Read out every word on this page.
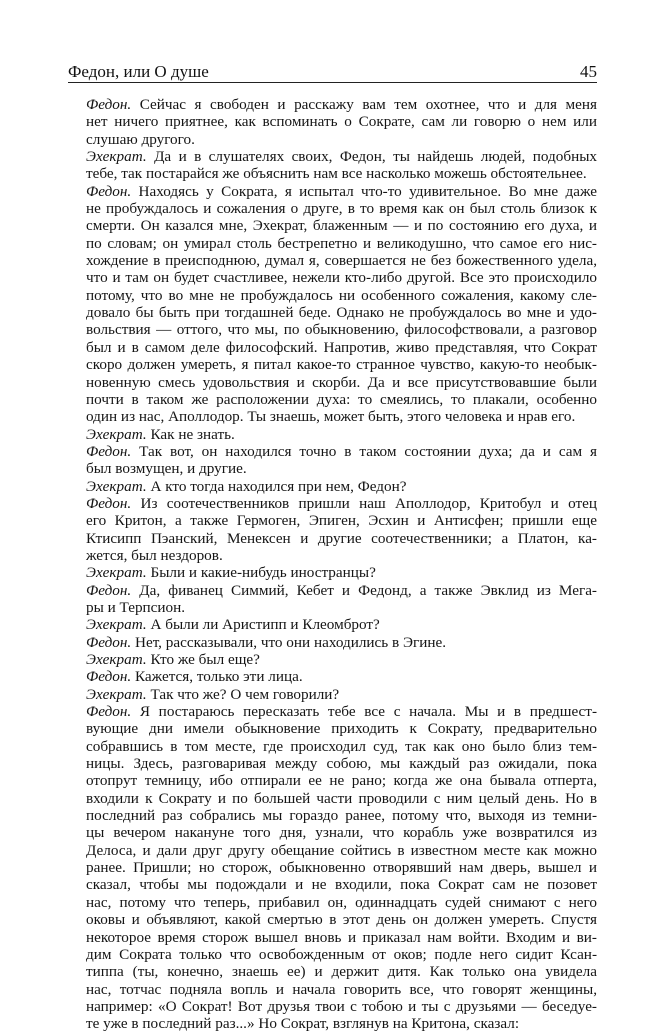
Федон, или О душе	45

Федон. Сейчас я свободен и расскажу вам тем охотнее, что и для меня
нет ничего приятнее, как вспоминать о Сократе, сам ли говорю о нем или
слушаю другого.

Эхекрат. Да и в слушателях своих, Федон, ты найдешь людей, подобных
тебе, так постарайся же объяснить нам все насколько можешь обстоятельнее.

Федон. Находясь у Сократа, я испытал что-то удивительное. Во мне даже
не пробуждалось и сожаления о друге, в то время как он был столь близок к
смерти. Он казался мне, Эхекрат, блаженным — и по состоянию его духа, и
по словам; он умирал столь бестрепетно и великодушно, что самое его нис-
хождение в преисподнюю, думал я, совершается не без божественного удела,
что и там он будет счастливее, нежели кто-либо другой. Все это происходило
потому, что во мне не пробуждалось ни особенного сожаления, какому сле-
довало бы быть при тогдашней беде. Однако не пробуждалось во мне и удо-
вольствия — оттого, что мы, по обыкновению, философствовали, а разговор
был и в самом деле философский. Напротив, живо представляя, что Сократ
скоро должен умереть, я питал какое-то странное чувство, какую-то необык-
новенную смесь удовольствия и скорби. Да и все присутствовавшие были
почти в таком же расположении духа: то смеялись, то плакали, особенно
один из нас, Аполлодор. Ты знаешь, может быть, этого человека и нрав его.

Эхекрат. Как не знать.

Федон. Так вот, он находился точно в таком состоянии духа; да и сам я
был возмущен, и другие.

Эхекрат. А кто тогда находился при нем, Федон?

Федон. Из соотечественников пришли наш Аполлодор, Критобул и отец
его Критон, а также Гермоген, Эпиген, Эсхин и Антисфен; пришли еще
Ктисипп Пэанский, Менексен и другие соотечественники; а Платон, ка-
жется, был нездоров.

Эхекрат. Были и какие-нибудь иностранцы?

Федон. Да, фиванец Симмий, Кебет и Федонд, а также Эвклид из Мега-
ры и Терпсион.

Эхекрат. А были ли Аристипп и Клеомброт?

Федон. Нет, рассказывали, что они находились в Эгине.

Эхекрат. Кто же был еще?

Федон. Кажется, только эти лица.

Эхекрат. Так что же? О чем говорили?

Федон. Я постараюсь пересказать тебе все с начала. Мы и в предшест-
вующие дни имели обыкновение приходить к Сократу, предварительно
собравшись в том месте, где происходил суд, так как оно было близ тем-
ницы. Здесь, разговаривая между собою, мы каждый раз ожидали, пока
отопрут темницу, ибо отпирали ее не рано; когда же она бывала отперта,
входили к Сократу и по большей части проводили с ним целый день. Но в
последний раз собрались мы гораздо ранее, потому что, выходя из темни-
цы вечером накануне того дня, узнали, что корабль уже возвратился из
Делоса, и дали друг другу обещание сойтись в известном месте как можно
ранее. Пришли; но сторож, обыкновенно отворявший нам дверь, вышел и
сказал, чтобы мы подождали и не входили, пока Сократ сам не позовет
нас, потому что теперь, прибавил он, одиннадцать судей снимают с него
оковы и объявляют, какой смертью в этот день он должен умереть. Спустя
некоторое время сторож вышел вновь и приказал нам войти. Входим и ви-
дим Сократа только что освобожденным от оков; подле него сидит Ксан-
типпа (ты, конечно, знаешь ее) и держит дитя. Как только она увидела
нас, тотчас подняла вопль и начала говорить все, что говорят женщины,
например: «О Сократ! Вот друзья твои с тобою и ты с друзьями — беседуе-
те уже в последний раз...» Но Сократ, взглянув на Критона, сказал:
